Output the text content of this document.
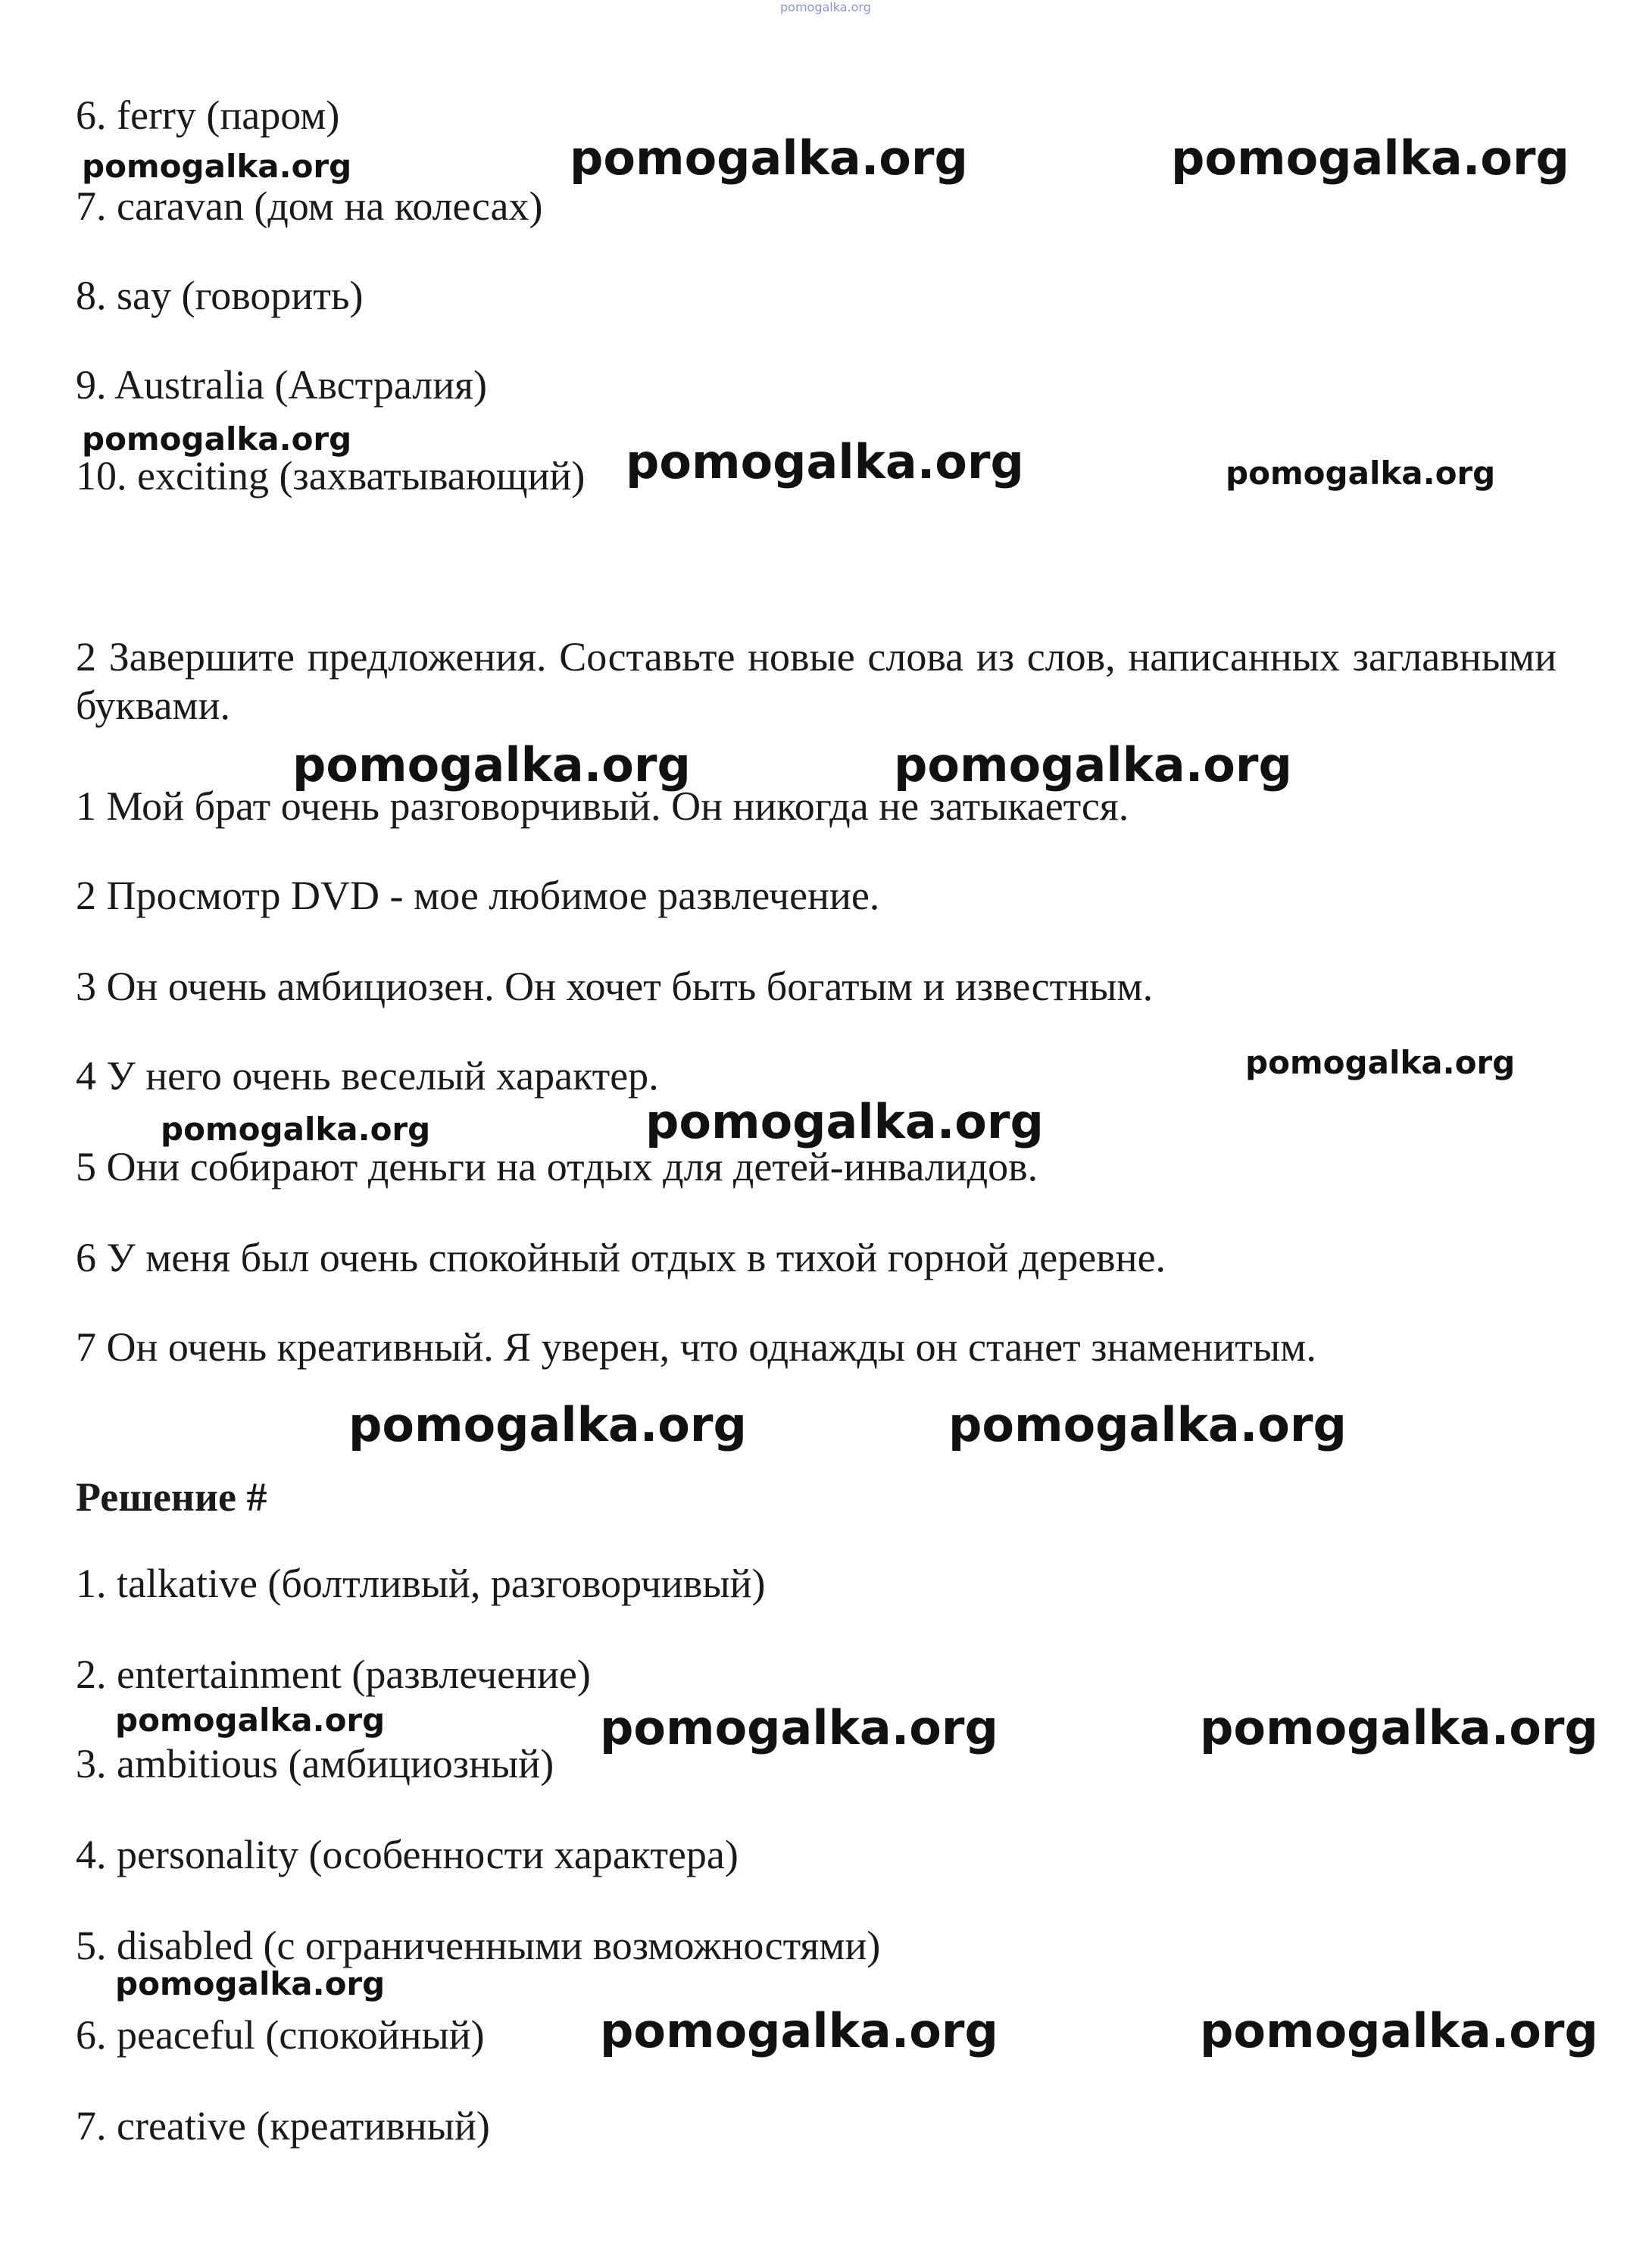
pomogalka.org
6. ferry (паром)
7. caravan (дом на колесах)
8. say (говорить)
9. Australia (Австралия)
10. exciting (захватывающий)
2 Завершите предложения. Составьте новые слова из слов, написанных заглавными буквами.
1 Мой брат очень разговорчивый. Он никогда не затыкается.
2 Просмотр DVD - мое любимое развлечение.
3 Он очень амбициозен. Он хочет быть богатым и известным.
4 У него очень веселый характер.
5 Они собирают деньги на отдых для детей-инвалидов.
6 У меня был очень спокойный отдых в тихой горной деревне.
7 Он очень креативный. Я уверен, что однажды он станет знаменитым.
Решение #
1. talkative (болтливый, разговорчивый)
2. entertainment (развлечение)
3. ambitious (амбициозный)
4. personality (особенности характера)
5. disabled (с ограниченными возможностями)
6. peaceful (спокойный)
7. creative (креативный)
pomogalka.org	pomogalka.org	pomogalka.org
pomogalka.org	pomogalka.org	pomogalka.org
pomogalka.org	pomogalka.org
pomogalka.org
pomogalka.org	pomogalka.org
pomogalka.org	pomogalka.org
pomogalka.org	pomogalka.org	pomogalka.org
pomogalka.org
pomogalka.org	pomogalka.org
